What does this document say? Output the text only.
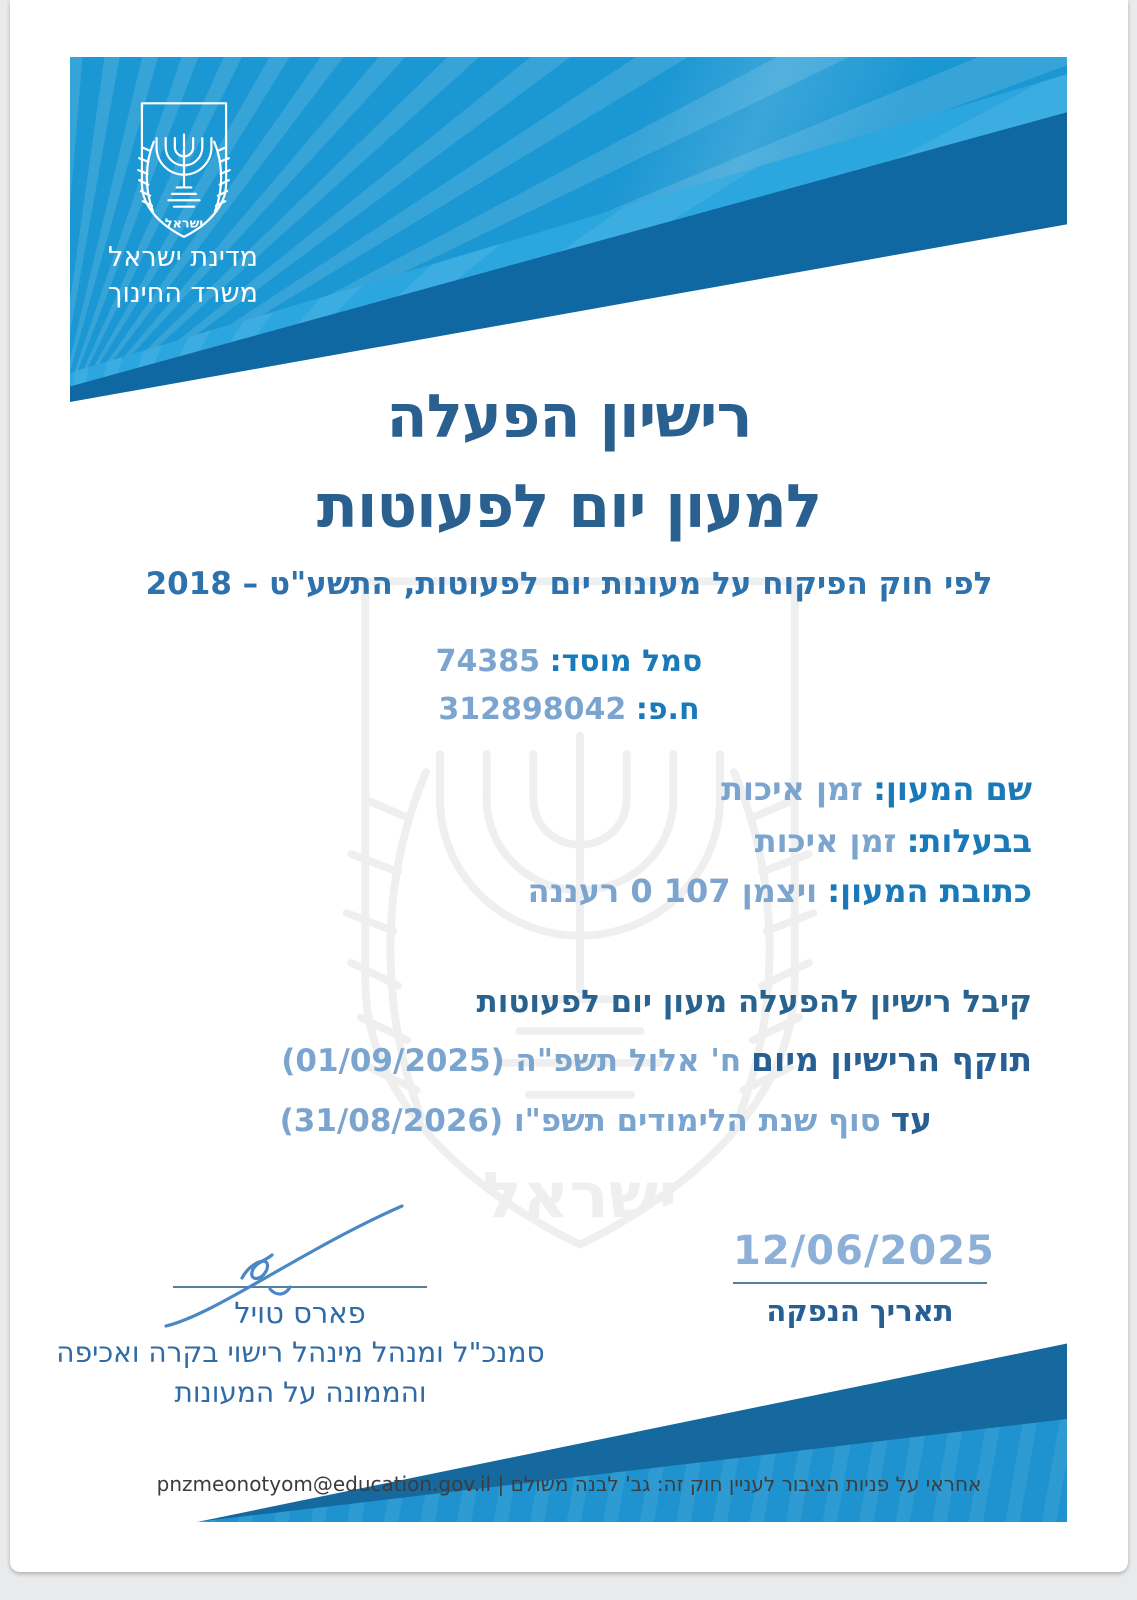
ישראל
מדינת ישראל
משרד החינוך
ישראל
רישיון הפעלה
למעון יום לפעוטות
לפי חוק הפיקוח על מעונות יום לפעוטות, התשע"ט – 2018
סמל מוסד: 74385
ח.פ: 312898042
שם המעון: זמן איכות
בבעלות: זמן איכות
כתובת המעון: ויצמן 107 0 רעננה
קיבל רישיון להפעלה מעון יום לפעוטות
תוקף הרישיון מיום ח' אלול תשפ"ה (01/09/2025)
עד סוף שנת הלימודים תשפ"ו (31/08/2026)
פארס טויל
סמנכ"ל ומנהל מינהל רישוי בקרה ואכיפה
והממונה על המעונות
12/06/2025
תאריך הנפקה
אחראי על פניות הציבור לעניין חוק זה: גב' לבנה משולם | pnzmeonotyom@education.gov.il
